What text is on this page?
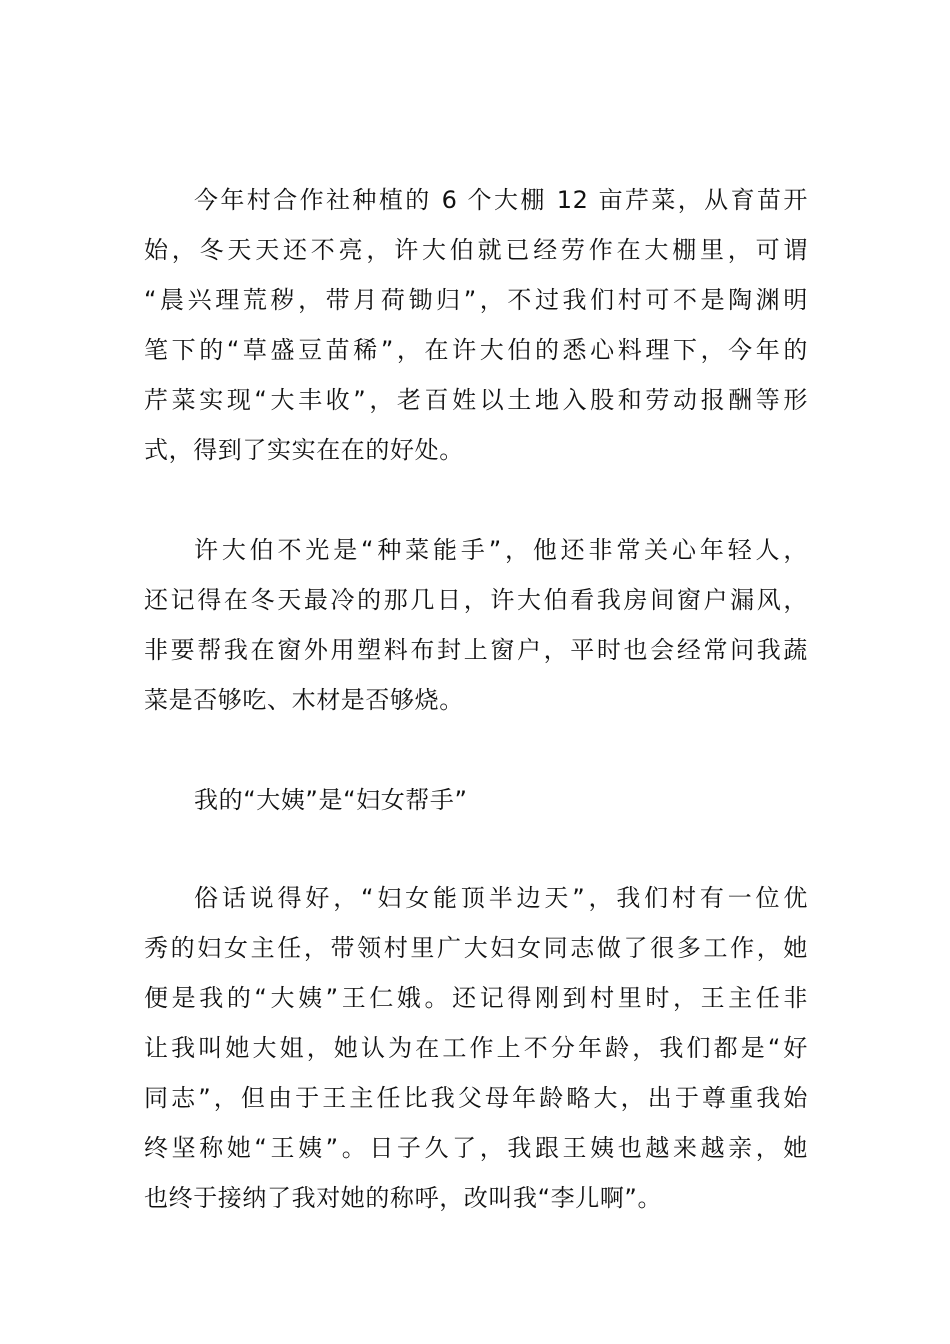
今年村合作社种植的 6 个大棚 12 亩芹菜，从育苗开
始，冬天天还不亮，许大伯就已经劳作在大棚里，可谓
“晨兴理荒秽，带月荷锄归”，不过我们村可不是陶渊明
笔下的“草盛豆苗稀”，在许大伯的悉心料理下，今年的
芹菜实现“大丰收”，老百姓以土地入股和劳动报酬等形
式，得到了实实在在的好处。
许大伯不光是“种菜能手”，他还非常关心年轻人，
还记得在冬天最冷的那几日，许大伯看我房间窗户漏风，
非要帮我在窗外用塑料布封上窗户，平时也会经常问我蔬
菜是否够吃、木材是否够烧。
我的“大姨”是“妇女帮手”
俗话说得好，“妇女能顶半边天”，我们村有一位优
秀的妇女主任，带领村里广大妇女同志做了很多工作，她
便是我的“大姨”王仁娥。还记得刚到村里时，王主任非
让我叫她大姐，她认为在工作上不分年龄，我们都是“好
同志”，但由于王主任比我父母年龄略大，出于尊重我始
终坚称她“王姨”。日子久了，我跟王姨也越来越亲，她
也终于接纳了我对她的称呼，改叫我“李儿啊”。
